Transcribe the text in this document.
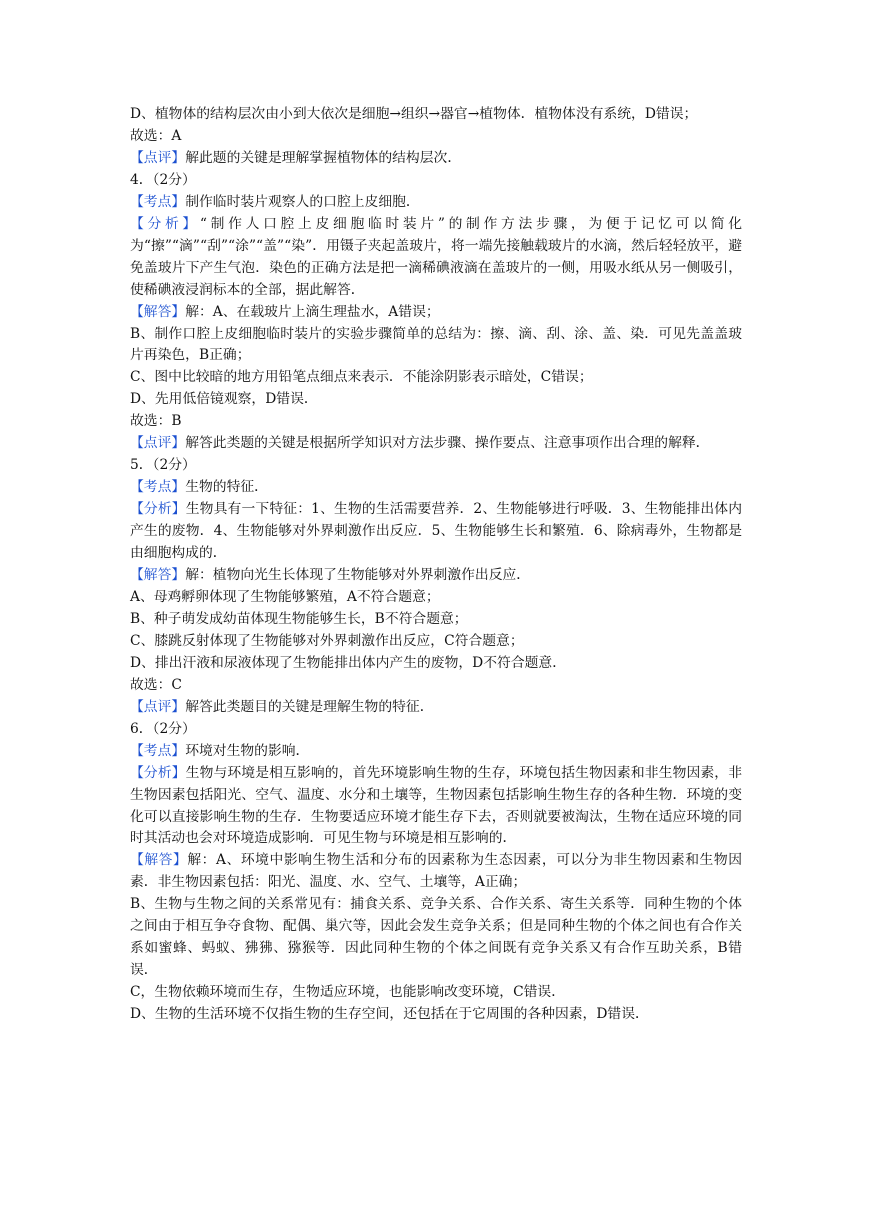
D、植物体的结构层次由小到大依次是细胞→组织→器官→植物体．植物体没有系统，D错误；

故选：A

【点评】解此题的关键是理解掌握植物体的结构层次．

4．（2分）

【考点】制作临时装片观察人的口腔上皮细胞．

【分析】“制作人口腔上皮细胞临时装片”的制作方法步骤，为便于记忆可以简化为“擦”“滴”“刮”“涂”“盖”“染”．用镊子夹起盖玻片，将一端先接触载玻片的水滴，然后轻轻放平，避免盖玻片下产生气泡．染色的正确方法是把一滴稀碘液滴在盖玻片的一侧，用吸水纸从另一侧吸引，使稀碘液浸润标本的全部，据此解答．

【解答】解：A、在载玻片上滴生理盐水，A错误；

B、制作口腔上皮细胞临时装片的实验步骤简单的总结为：擦、滴、刮、涂、盖、染．可见先盖盖玻片再染色，B正确；

C、图中比较暗的地方用铅笔点细点来表示．不能涂阴影表示暗处，C错误；

D、先用低倍镜观察，D错误．

故选：B

【点评】解答此类题的关键是根据所学知识对方法步骤、操作要点、注意事项作出合理的解释．

5．（2分）

【考点】生物的特征．

【分析】生物具有一下特征：1、生物的生活需要营养．2、生物能够进行呼吸．3、生物能排出体内产生的废物．4、生物能够对外界刺激作出反应．5、生物能够生长和繁殖．6、除病毒外，生物都是由细胞构成的．

【解答】解：植物向光生长体现了生物能够对外界刺激作出反应．

A、母鸡孵卵体现了生物能够繁殖，A不符合题意；

B、种子萌发成幼苗体现生物能够生长，B不符合题意；

C、膝跳反射体现了生物能够对外界刺激作出反应，C符合题意；

D、排出汗液和尿液体现了生物能排出体内产生的废物，D不符合题意．

故选：C

【点评】解答此类题目的关键是理解生物的特征．

6．（2分）

【考点】环境对生物的影响．

【分析】生物与环境是相互影响的，首先环境影响生物的生存，环境包括生物因素和非生物因素，非生物因素包括阳光、空气、温度、水分和土壤等，生物因素包括影响生物生存的各种生物．环境的变化可以直接影响生物的生存．生物要适应环境才能生存下去，否则就要被淘汰，生物在适应环境的同时其活动也会对环境造成影响．可见生物与环境是相互影响的．

【解答】解：A、环境中影响生物生活和分布的因素称为生态因素，可以分为非生物因素和生物因素．非生物因素包括：阳光、温度、水、空气、土壤等，A正确；

B、生物与生物之间的关系常见有：捕食关系、竞争关系、合作关系、寄生关系等．同种生物的个体之间由于相互争夺食物、配偶、巢穴等，因此会发生竞争关系；但是同种生物的个体之间也有合作关系如蜜蜂、蚂蚁、狒狒、猕猴等．因此同种生物的个体之间既有竞争关系又有合作互助关系，B错误．

C，生物依赖环境而生存，生物适应环境，也能影响改变环境，C错误．

D、生物的生活环境不仅指生物的生存空间，还包括在于它周围的各种因素，D错误．
